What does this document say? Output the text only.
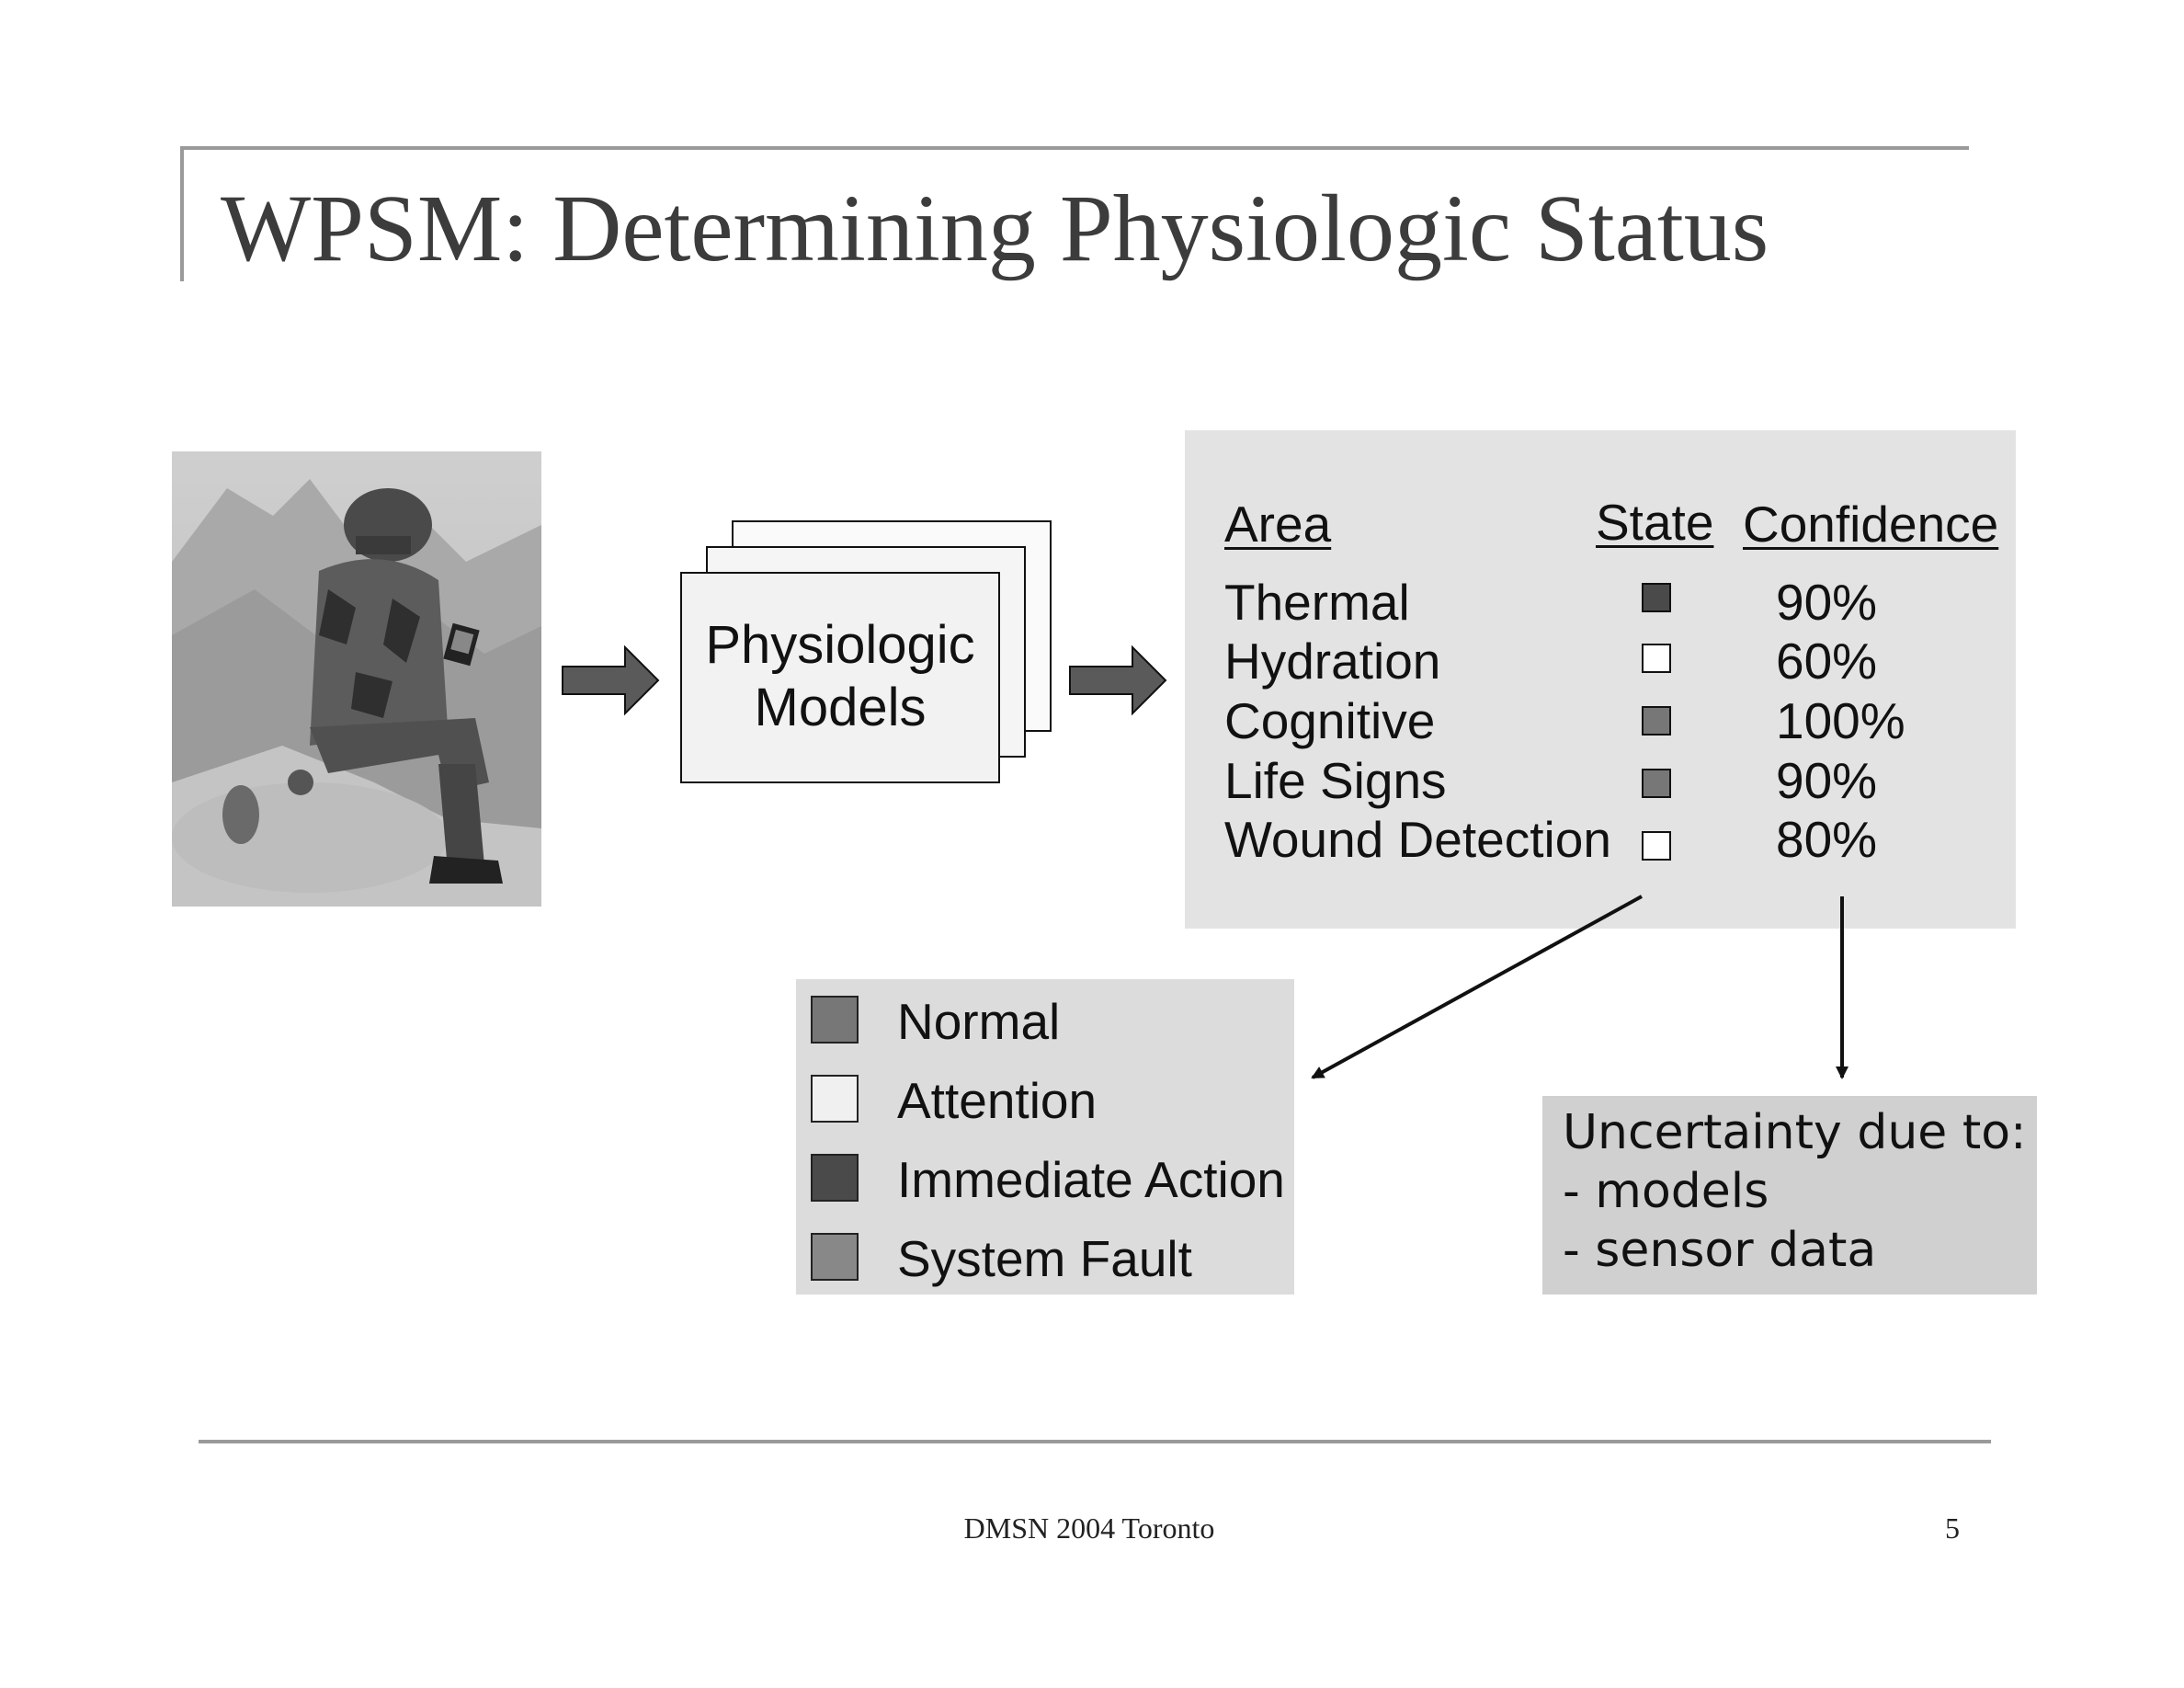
WPSM: Determining Physiologic Status
Physiologic
Models
Area	State Confidence
Thermal	90%
Hydration	60%
Cognitive	100%
Life Signs	90%
Wound Detection	80%
Normal
Attention
Immediate Action
System Fault
Uncertainty due to:
- models
- sensor data
DMSN 2004 Toronto	5
